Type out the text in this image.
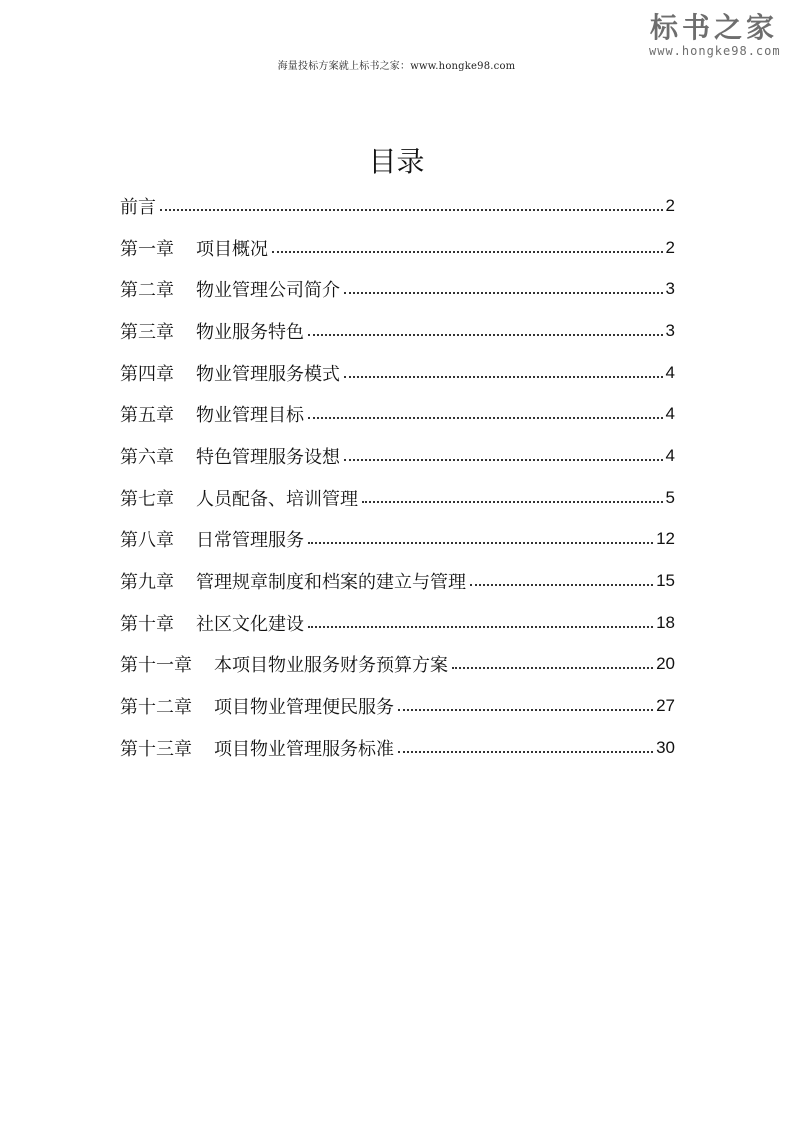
海量投标方案就上标书之家：www.hongke98.com
标书之家
www.hongke98.com
目录
前言	2
第一章 项目概况	2
第二章 物业管理公司简介	3
第三章 物业服务特色	3
第四章 物业管理服务模式	4
第五章 物业管理目标	4
第六章 特色管理服务设想	4
第七章 人员配备、培训管理	5
第八章 日常管理服务	12
第九章 管理规章制度和档案的建立与管理	15
第十章 社区文化建设	18
第十一章 本项目物业服务财务预算方案	20
第十二章 项目物业管理便民服务	27
第十三章 项目物业管理服务标准	30
